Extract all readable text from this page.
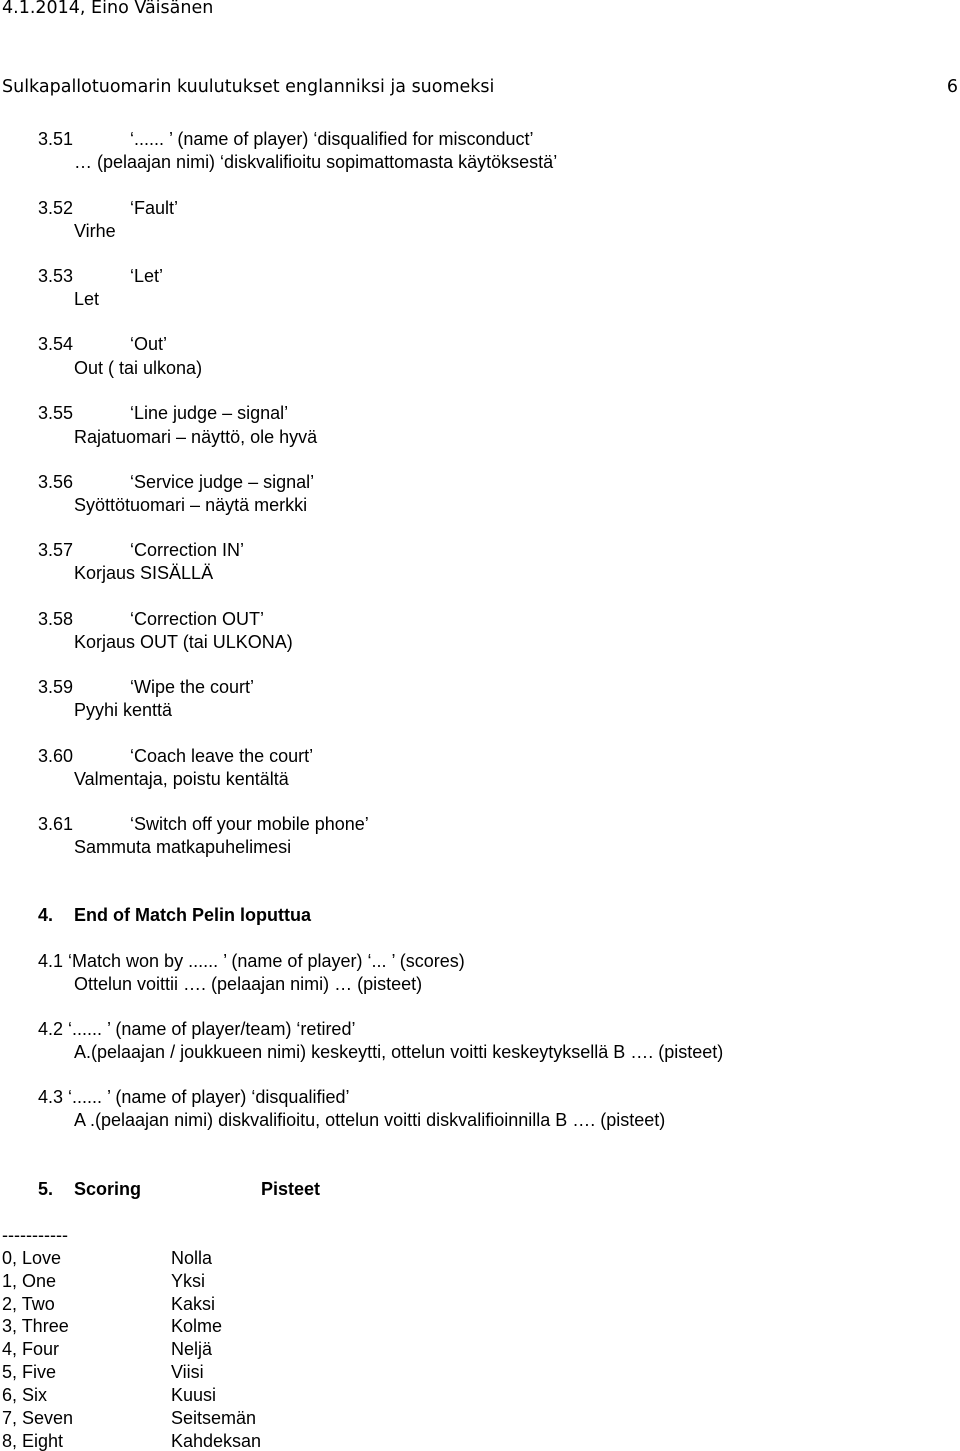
4.1.2014, Eino Väisänen
Sulkapallotuomarin kuulutukset englanniksi ja suomeksi	6
3.51	‘...... ’ (name of player) ‘disqualified for misconduct’
… (pelaajan nimi) ‘diskvalifioitu sopimattomasta käytöksestä’
3.52	‘Fault’
Virhe
3.53	‘Let’
Let
3.54	‘Out’
Out ( tai ulkona)
3.55	‘Line judge – signal’
Rajatuomari – näyttö, ole hyvä
3.56	‘Service judge – signal’
Syöttötuomari – näytä merkki
3.57	‘Correction IN’
Korjaus SISÄLLÄ
3.58	‘Correction OUT’
Korjaus OUT (tai ULKONA)
3.59	‘Wipe the court’
Pyyhi kenttä
3.60	‘Coach leave the court’
Valmentaja, poistu kentältä
3.61	‘Switch off your mobile phone’
Sammuta matkapuhelimesi
4. End of Match Pelin loputtua
4.1 ‘Match won by ...... ’ (name of player) ‘... ’ (scores)
Ottelun voittii …. (pelaajan nimi) … (pisteet)
4.2 ‘...... ’ (name of player/team) ‘retired’
A.(pelaajan / joukkueen nimi) keskeytti, ottelun voitti keskeytyksellä B …. (pisteet)
4.3 ‘...... ’ (name of player) ‘disqualified’
A .(pelaajan nimi) diskvalifioitu, ottelun voitti diskvalifioinnilla B …. (pisteet)
5. Scoring	Pisteet
-----------
0, Love	Nolla
1, One	Yksi
2, Two	Kaksi
3, Three	Kolme
4, Four	Neljä
5, Five	Viisi
6, Six	Kuusi
7, Seven	Seitsemän
8, Eight	Kahdeksan
